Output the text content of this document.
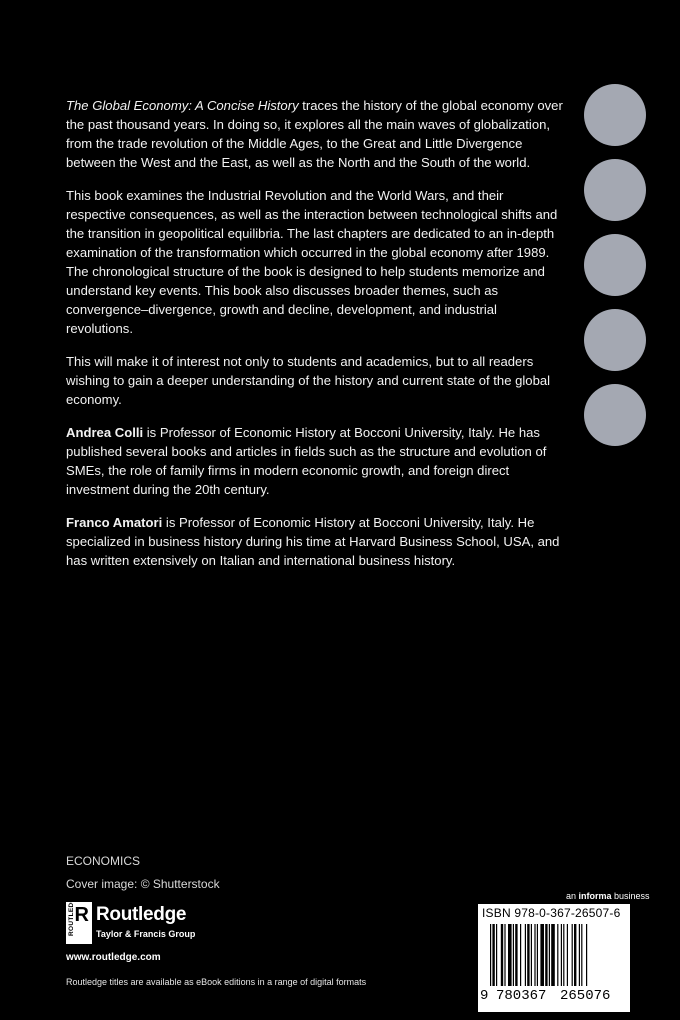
The Global Economy: A Concise History traces the history of the global economy over the past thousand years. In doing so, it explores all the main waves of globalization, from the trade revolution of the Middle Ages, to the Great and Little Divergence between the West and the East, as well as the North and the South of the world.

This book examines the Industrial Revolution and the World Wars, and their respective consequences, as well as the interaction between technological shifts and the transition in geopolitical equilibria. The last chapters are dedicated to an in-depth examination of the transformation which occurred in the global economy after 1989. The chronological structure of the book is designed to help students memorize and understand key events. This book also discusses broader themes, such as convergence–divergence, growth and decline, development, and industrial revolutions.

This will make it of interest not only to students and academics, but to all readers wishing to gain a deeper understanding of the history and current state of the global economy.

Andrea Colli is Professor of Economic History at Bocconi University, Italy. He has published several books and articles in fields such as the structure and evolution of SMEs, the role of family firms in modern economic growth, and foreign direct investment during the 20th century.

Franco Amatori is Professor of Economic History at Bocconi University, Italy. He specialized in business history during his time at Harvard Business School, USA, and has written extensively on Italian and international business history.

ECONOMICS
Cover image: © Shutterstock
ROUTLEDGE R Routledge
Taylor & Francis Group
www.routledge.com
Routledge titles are available as eBook editions in a range of digital formats
an informa business
ISBN 978-0-367-26507-6
9 780367 265076
